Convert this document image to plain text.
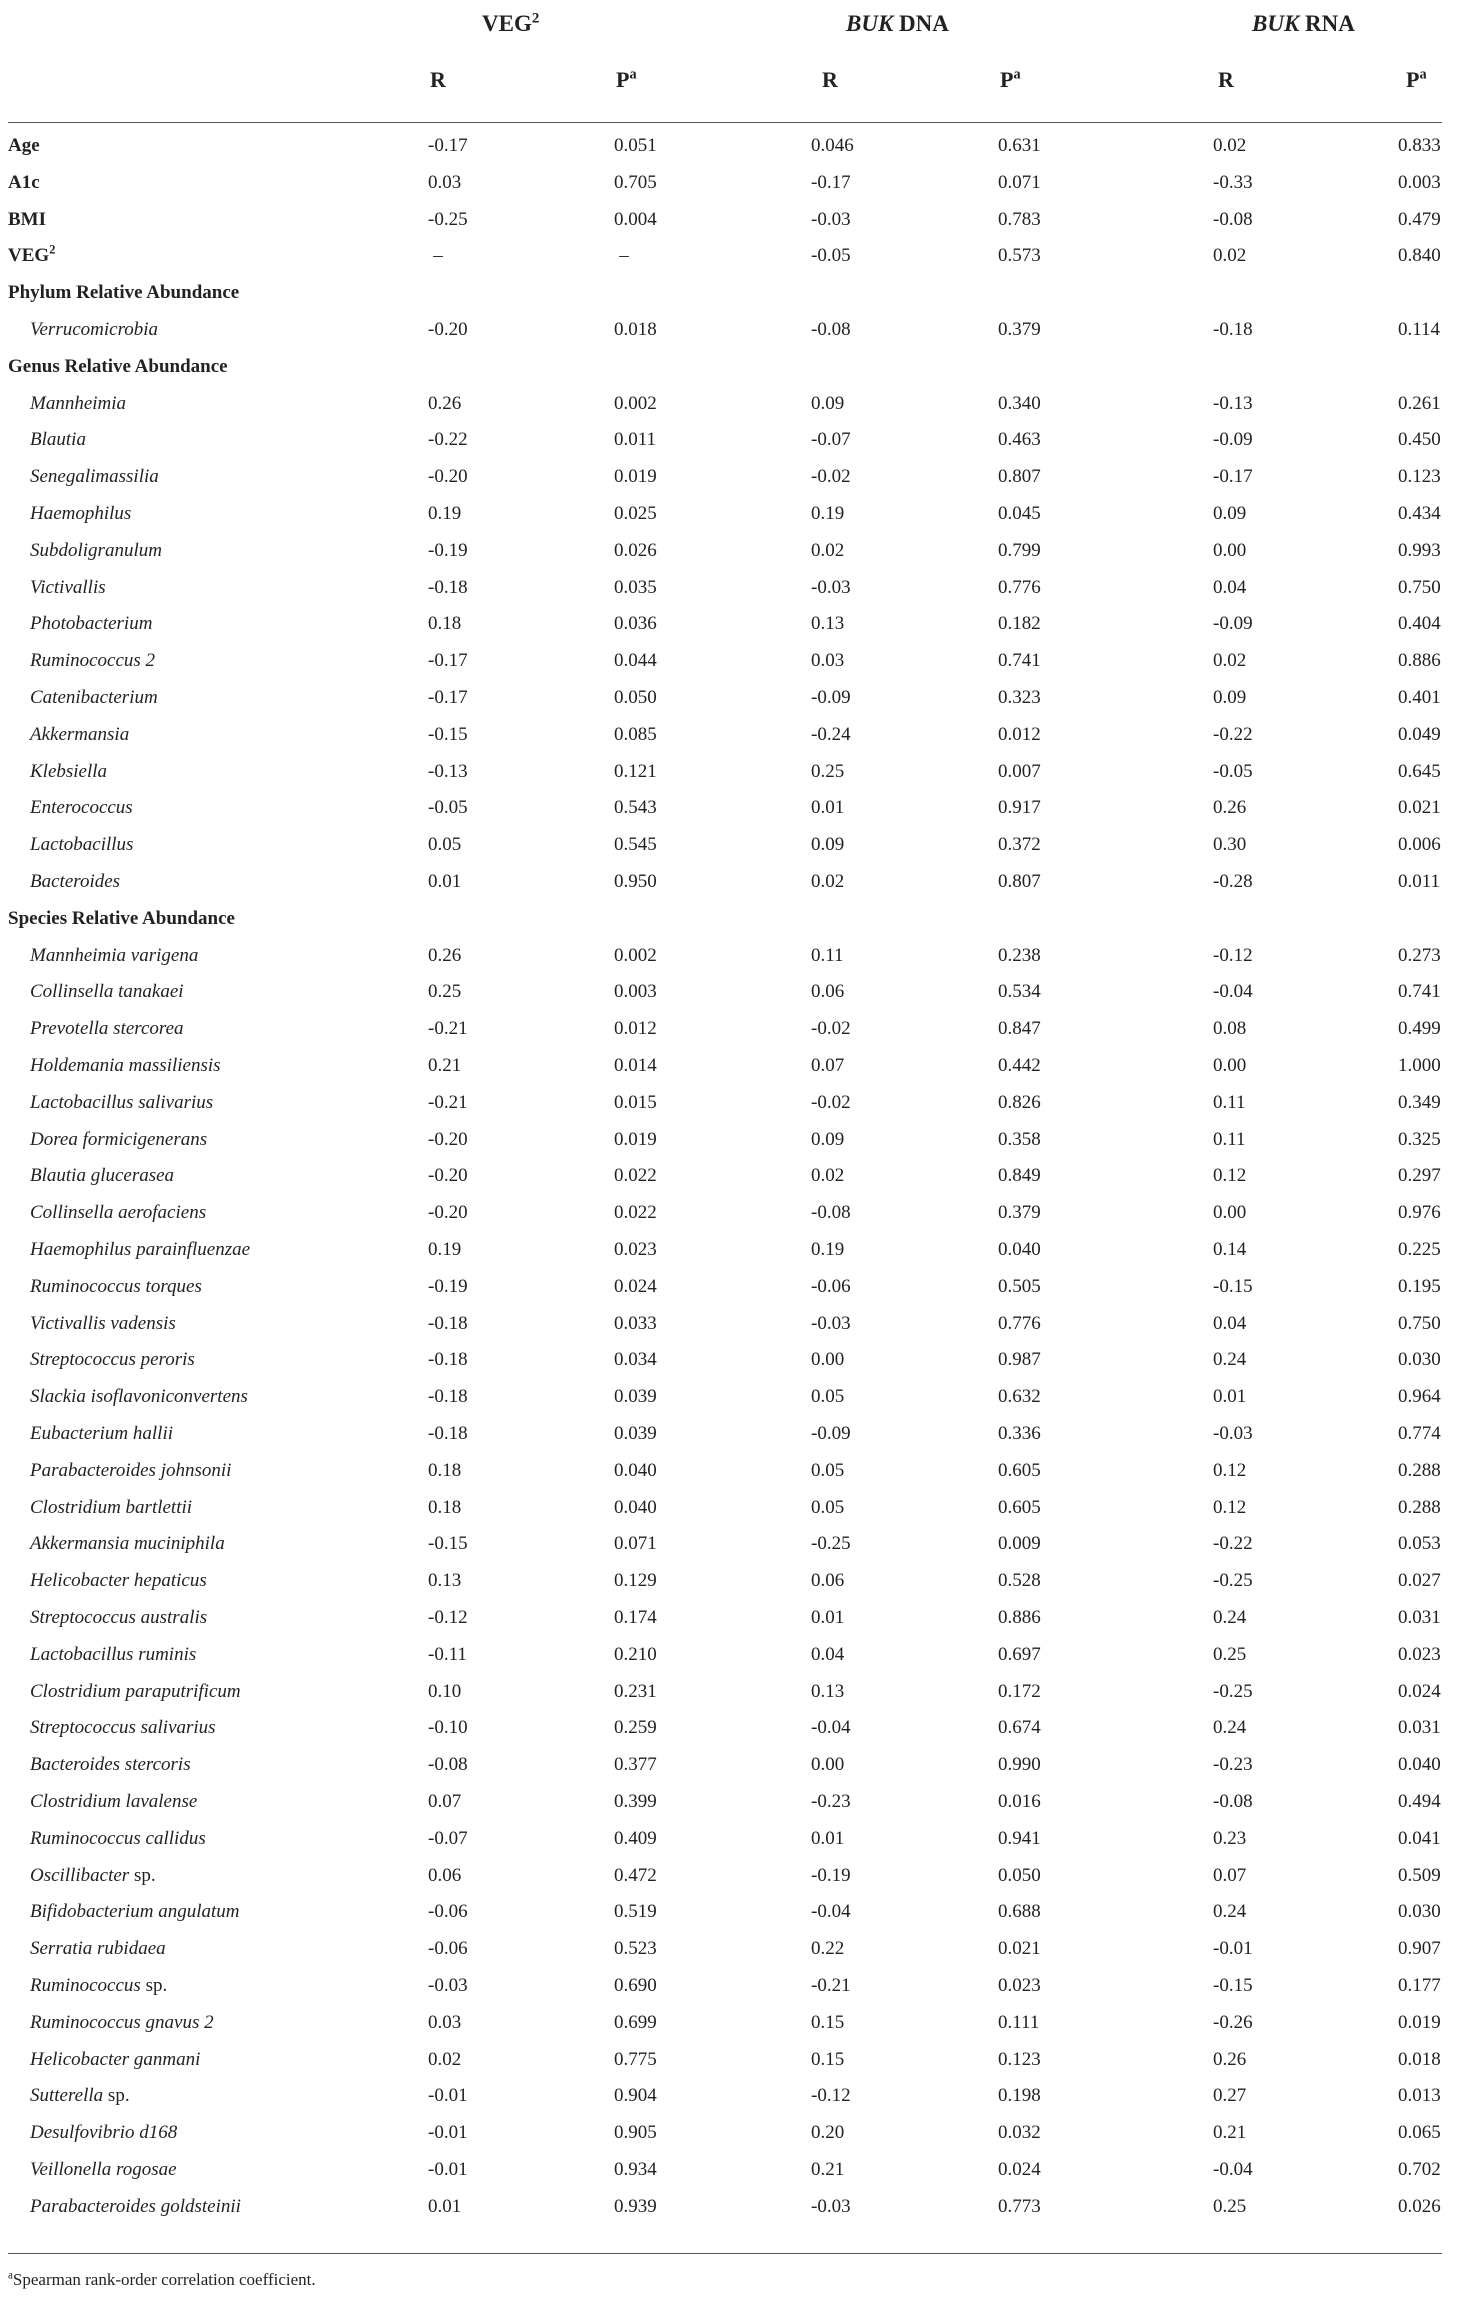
VEG$^2$	BUK DNA	BUK RNA
R	$P^a$	R	$P^a$	R	$P^a$
Age	-0.17	0.051	0.046	0.631	0.02	0.833
A1c	0.03	0.705	-0.17	0.071	-0.33	0.003
BMI	-0.25	0.004	-0.03	0.783	-0.08	0.479
VEG$^2$	–	–	-0.05	0.573	0.02	0.840
Phylum Relative Abundance
Verrucomicrobia	-0.20	0.018	-0.08	0.379	-0.18	0.114
Genus Relative Abundance
Mannheimia	0.26	0.002	0.09	0.340	-0.13	0.261
Blautia	-0.22	0.011	-0.07	0.463	-0.09	0.450
Senegalimassilia	-0.20	0.019	-0.02	0.807	-0.17	0.123
Haemophilus	0.19	0.025	0.19	0.045	0.09	0.434
Subdoligranulum	-0.19	0.026	0.02	0.799	0.00	0.993
Victivallis	-0.18	0.035	-0.03	0.776	0.04	0.750
Photobacterium	0.18	0.036	0.13	0.182	-0.09	0.404
Ruminococcus 2	-0.17	0.044	0.03	0.741	0.02	0.886
Catenibacterium	-0.17	0.050	-0.09	0.323	0.09	0.401
Akkermansia	-0.15	0.085	-0.24	0.012	-0.22	0.049
Klebsiella	-0.13	0.121	0.25	0.007	-0.05	0.645
Enterococcus	-0.05	0.543	0.01	0.917	0.26	0.021
Lactobacillus	0.05	0.545	0.09	0.372	0.30	0.006
Bacteroides	0.01	0.950	0.02	0.807	-0.28	0.011
Species Relative Abundance
Mannheimia varigena	0.26	0.002	0.11	0.238	-0.12	0.273
Collinsella tanakaei	0.25	0.003	0.06	0.534	-0.04	0.741
Prevotella stercorea	-0.21	0.012	-0.02	0.847	0.08	0.499
Holdemania massiliensis	0.21	0.014	0.07	0.442	0.00	1.000
Lactobacillus salivarius	-0.21	0.015	-0.02	0.826	0.11	0.349
Dorea formicigenerans	-0.20	0.019	0.09	0.358	0.11	0.325
Blautia glucerasea	-0.20	0.022	0.02	0.849	0.12	0.297
Collinsella aerofaciens	-0.20	0.022	-0.08	0.379	0.00	0.976
Haemophilus parainfluenzae	0.19	0.023	0.19	0.040	0.14	0.225
Ruminococcus torques	-0.19	0.024	-0.06	0.505	-0.15	0.195
Victivallis vadensis	-0.18	0.033	-0.03	0.776	0.04	0.750
Streptococcus peroris	-0.18	0.034	0.00	0.987	0.24	0.030
Slackia isoflavoniconvertens	-0.18	0.039	0.05	0.632	0.01	0.964
Eubacterium hallii	-0.18	0.039	-0.09	0.336	-0.03	0.774
Parabacteroides johnsonii	0.18	0.040	0.05	0.605	0.12	0.288
Clostridium bartlettii	0.18	0.040	0.05	0.605	0.12	0.288
Akkermansia muciniphila	-0.15	0.071	-0.25	0.009	-0.22	0.053
Helicobacter hepaticus	0.13	0.129	0.06	0.528	-0.25	0.027
Streptococcus australis	-0.12	0.174	0.01	0.886	0.24	0.031
Lactobacillus ruminis	-0.11	0.210	0.04	0.697	0.25	0.023
Clostridium paraputrificum	0.10	0.231	0.13	0.172	-0.25	0.024
Streptococcus salivarius	-0.10	0.259	-0.04	0.674	0.24	0.031
Bacteroides stercoris	-0.08	0.377	0.00	0.990	-0.23	0.040
Clostridium lavalense	0.07	0.399	-0.23	0.016	-0.08	0.494
Ruminococcus callidus	-0.07	0.409	0.01	0.941	0.23	0.041
Oscillibacter sp.	0.06	0.472	-0.19	0.050	0.07	0.509
Bifidobacterium angulatum	-0.06	0.519	-0.04	0.688	0.24	0.030
Serratia rubidaea	-0.06	0.523	0.22	0.021	-0.01	0.907
Ruminococcus sp.	-0.03	0.690	-0.21	0.023	-0.15	0.177
Ruminococcus gnavus 2	0.03	0.699	0.15	0.111	-0.26	0.019
Helicobacter ganmani	0.02	0.775	0.15	0.123	0.26	0.018
Sutterella sp.	-0.01	0.904	-0.12	0.198	0.27	0.013
Desulfovibrio d168	-0.01	0.905	0.20	0.032	0.21	0.065
Veillonella rogosae	-0.01	0.934	0.21	0.024	-0.04	0.702
Parabacteroides goldsteinii	0.01	0.939	-0.03	0.773	0.25	0.026
$^a$Spearman rank-order correlation coefficient.
